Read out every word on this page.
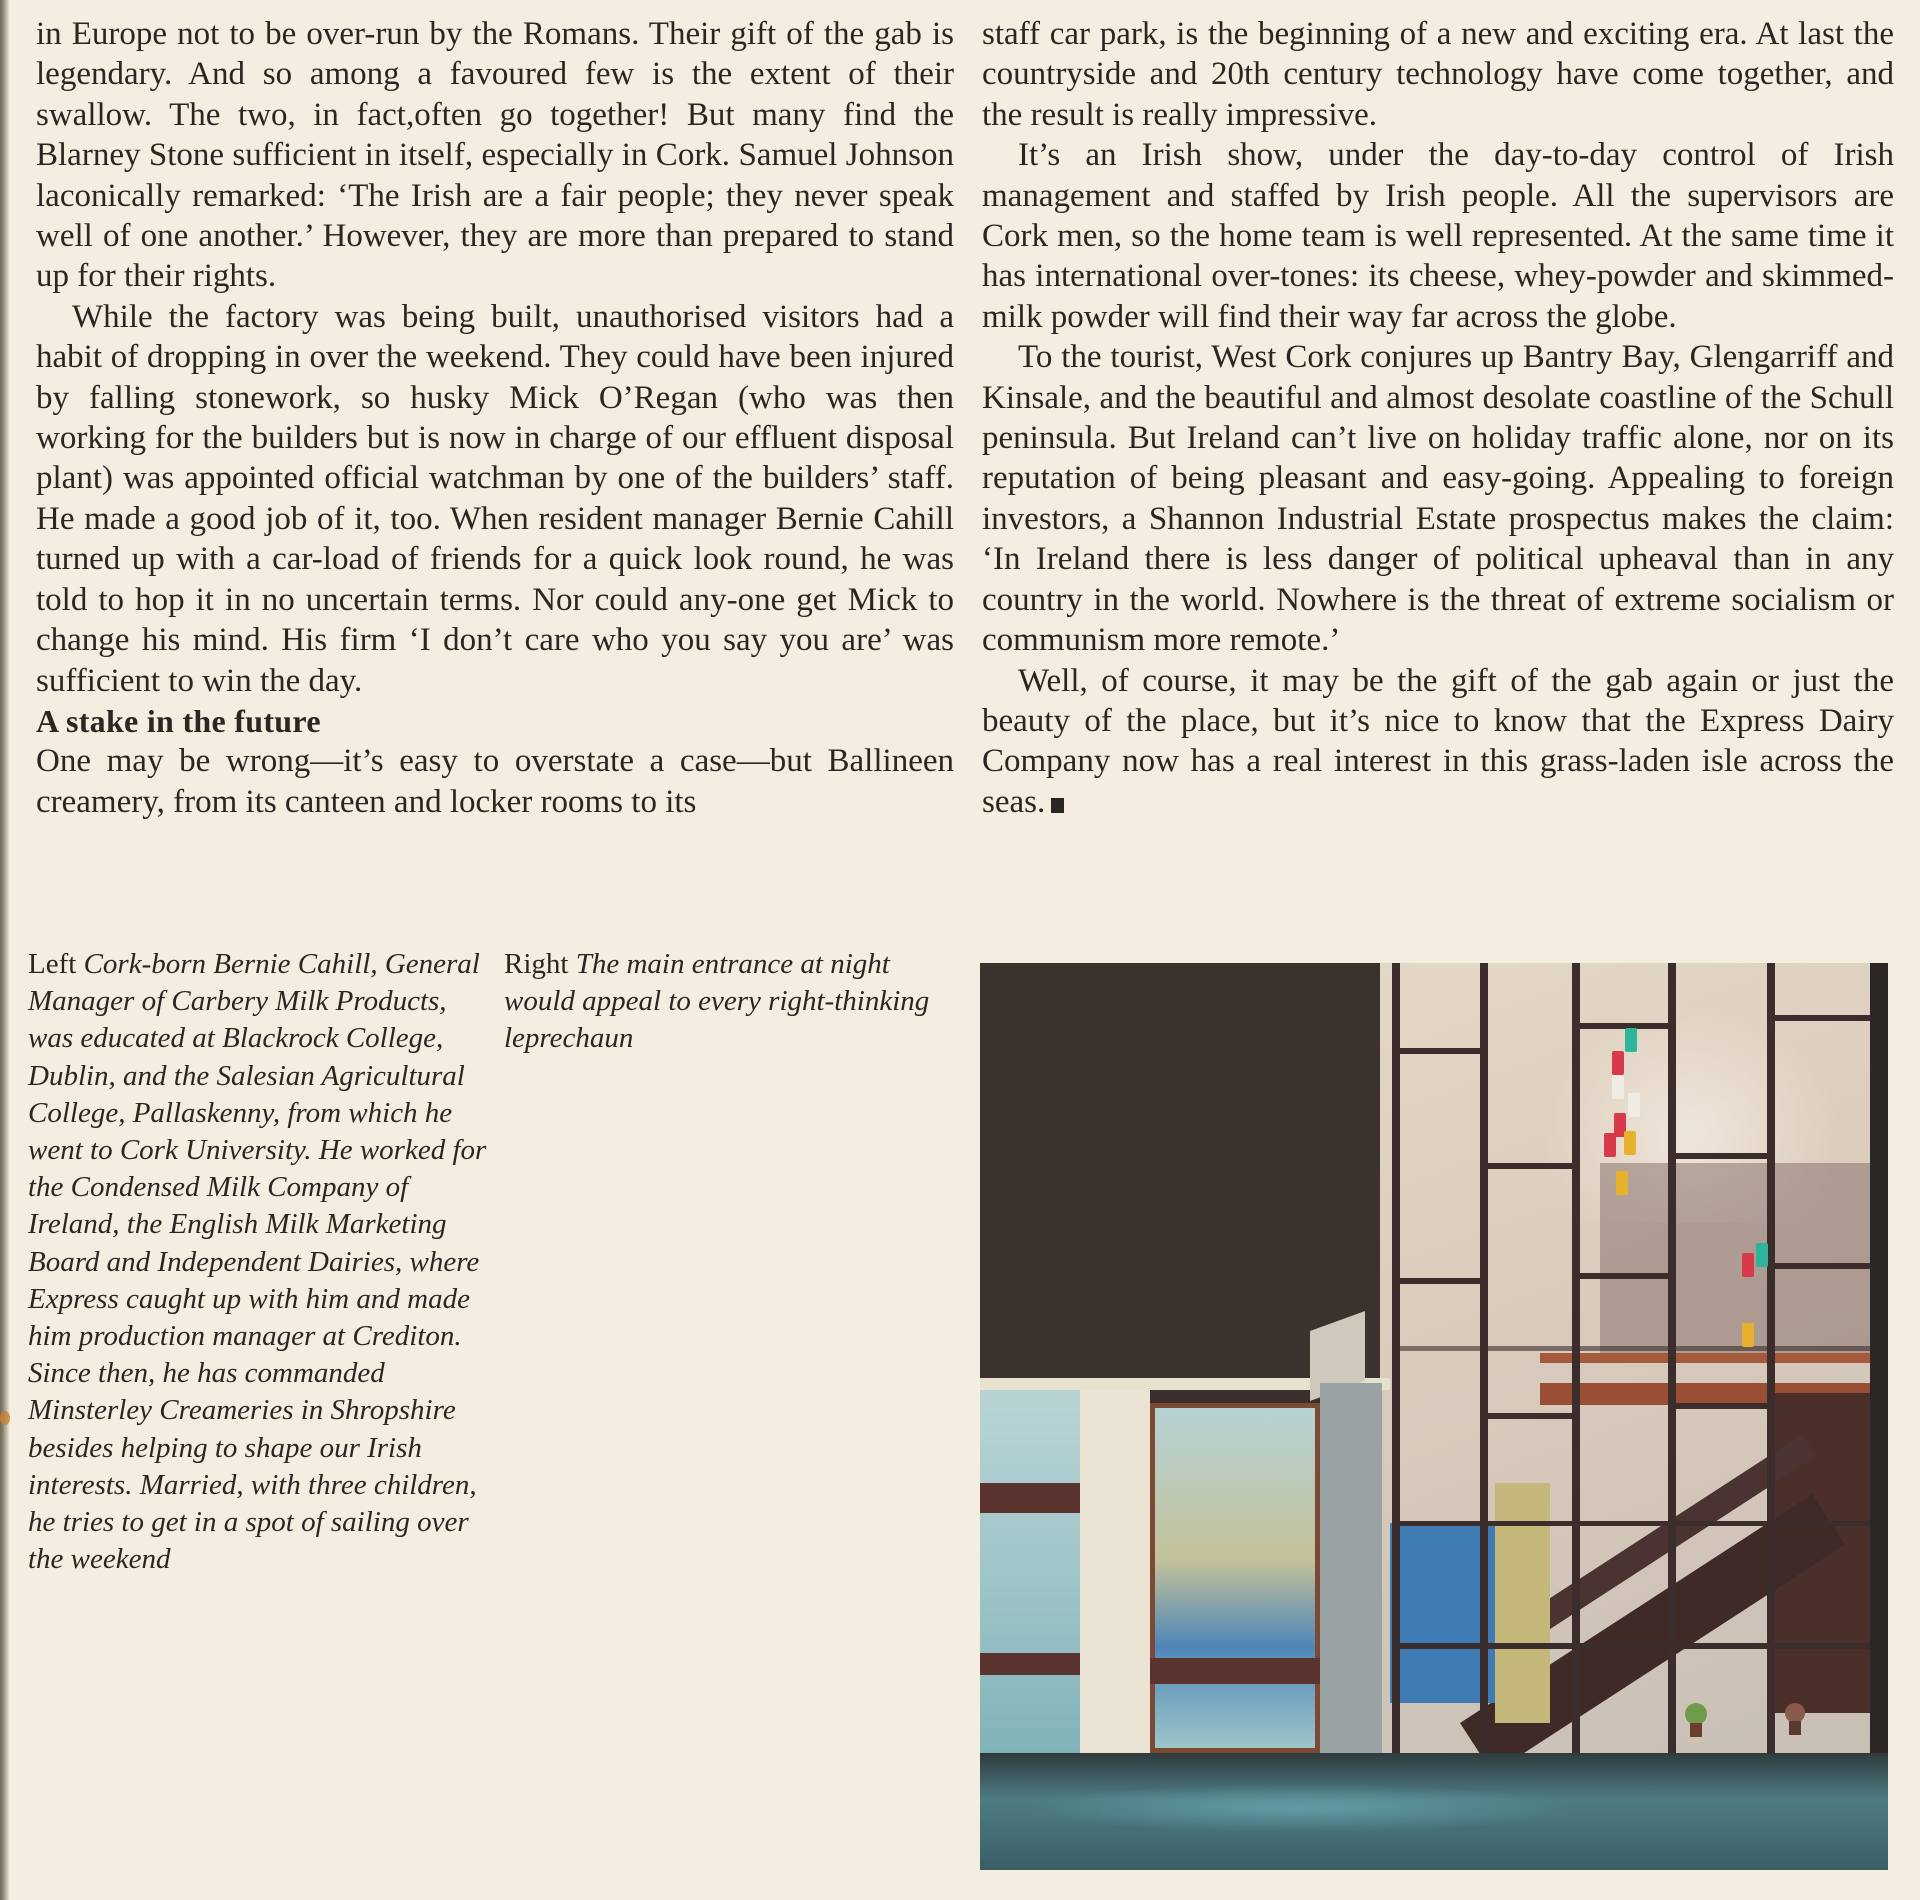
in Europe not to be over-run by the Romans. Their gift of the gab is legendary. And so among a favoured few is the extent of their swallow. The two, in fact,often go together! But many find the Blarney Stone sufficient in itself, especially in Cork. Samuel Johnson laconically remarked: ‘The Irish are a fair people; they never speak well of one another.’ However, they are more than prepared to stand up for their rights.

While the factory was being built, unauthorised visitors had a habit of dropping in over the weekend. They could have been injured by falling stonework, so husky Mick O’Regan (who was then working for the builders but is now in charge of our effluent disposal plant) was appointed official watchman by one of the builders’ staff. He made a good job of it, too. When resident manager Bernie Cahill turned up with a car-load of friends for a quick look round, he was told to hop it in no uncertain terms. Nor could any-one get Mick to change his mind. His firm ‘I don’t care who you say you are’ was sufficient to win the day.

A stake in the future

One may be wrong—it’s easy to overstate a case—but Ballineen creamery, from its canteen and locker rooms to its

staff car park, is the beginning of a new and exciting era. At last the countryside and 20th century technology have come together, and the result is really impressive.

It’s an Irish show, under the day-to-day control of Irish management and staffed by Irish people. All the supervisors are Cork men, so the home team is well represented. At the same time it has international over-tones: its cheese, whey-powder and skimmed-milk powder will find their way far across the globe.

To the tourist, West Cork conjures up Bantry Bay, Glengarriff and Kinsale, and the beautiful and almost desolate coastline of the Schull peninsula. But Ireland can’t live on holiday traffic alone, nor on its reputation of being pleasant and easy-going. Appealing to foreign investors, a Shannon Industrial Estate prospectus makes the claim: ‘In Ireland there is less danger of political upheaval than in any country in the world. Nowhere is the threat of extreme socialism or communism more remote.’

Well, of course, it may be the gift of the gab again or just the beauty of the place, but it’s nice to know that the Express Dairy Company now has a real interest in this grass-laden isle across the seas.

Left Cork-born Bernie Cahill, General Manager of Carbery Milk Products, was educated at Blackrock College, Dublin, and the Salesian Agricultural College, Pallaskenny, from which he went to Cork University. He worked for the Condensed Milk Company of Ireland, the English Milk Marketing Board and Independent Dairies, where Express caught up with him and made him production manager at Crediton. Since then, he has commanded Minsterley Creameries in Shropshire besides helping to shape our Irish interests. Married, with three children, he tries to get in a spot of sailing over the weekend
Right The main entrance at night would appeal to every right-thinking leprechaun
